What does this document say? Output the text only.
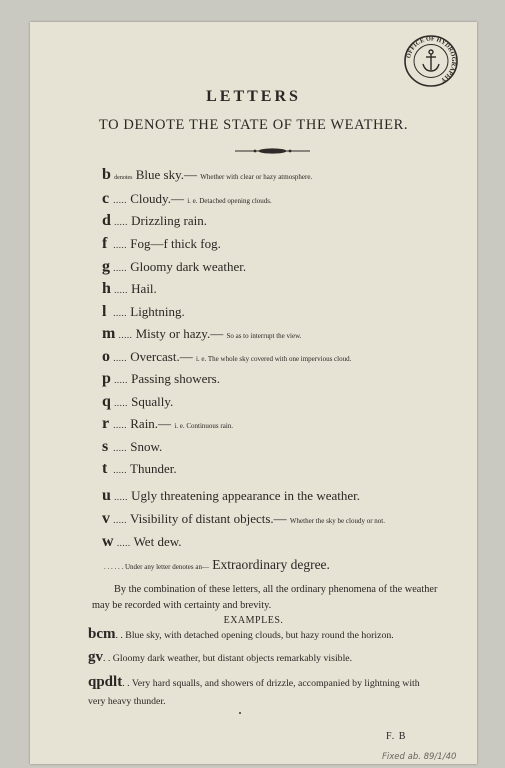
OFFICE OF HYDROGRAPHY
LETTERS
TO DENOTE THE STATE OF THE WEATHER.
b denotes Blue sky.— Whether with clear or hazy atmosphere.
c ..... Cloudy.— i. e. Detached opening clouds.
d ..... Drizzling rain.
f ..... Fog—f thick fog.
g ..... Gloomy dark weather.
h ..... Hail.
l ..... Lightning.
m ..... Misty or hazy.— So as to interrupt the view.
o ..... Overcast.— i. e. The whole sky covered with one impervious cloud.
p ..... Passing showers.
q ..... Squally.
r ..... Rain.— i. e. Continuous rain.
s ..... Snow.
t ..... Thunder.
u ..... Ugly threatening appearance in the weather.
v ..... Visibility of distant objects.— Whether the sky be cloudy or not.
w ..... Wet dew.
. . . . . . Under any letter denotes an— Extraordinary degree.
By the combination of these letters, all the ordinary phenomena of the weather may be recorded with certainty and brevity.
EXAMPLES.
bcm. . Blue sky, with detached opening clouds, but hazy round the horizon.
gv. . Gloomy dark weather, but distant objects remarkably visible.
qpdlt. . Very hard squalls, and showers of drizzle, accompanied by lightning with
very heavy thunder.
F. B
Fixed ab. 89/1/40
